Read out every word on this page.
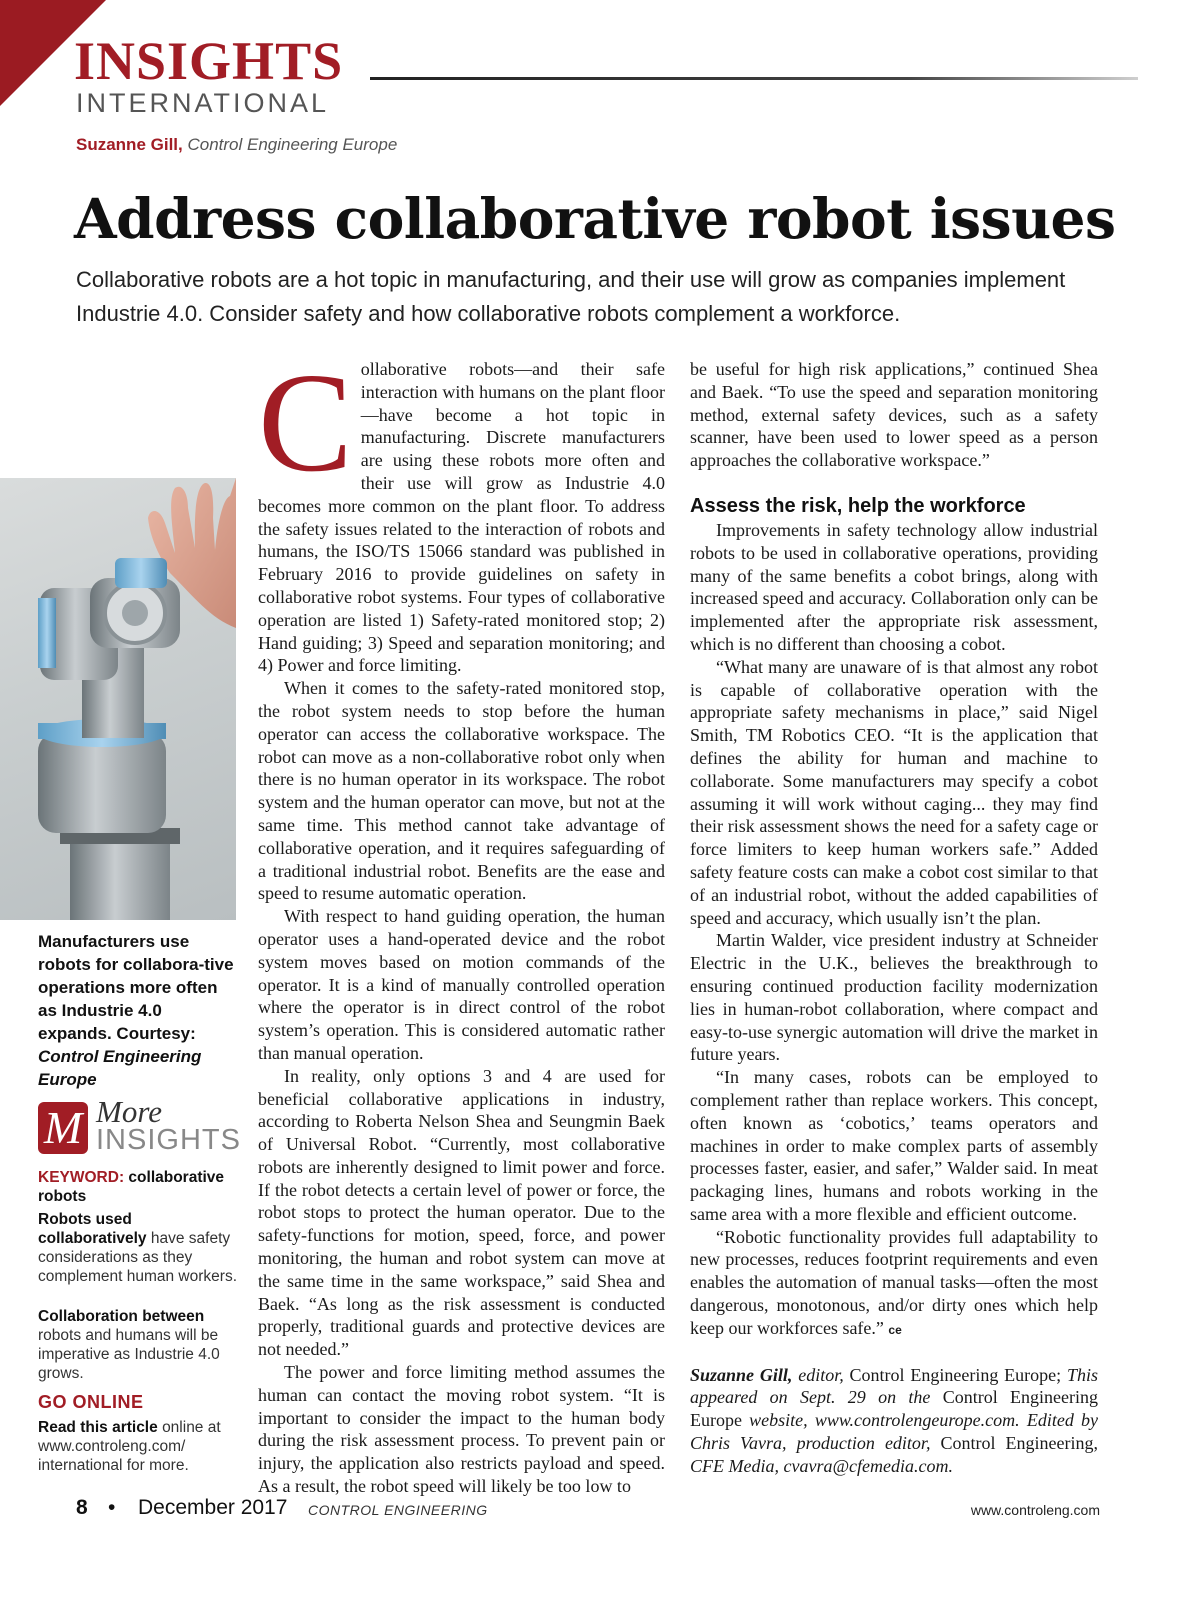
INSIGHTS
INTERNATIONAL
Suzanne Gill, Control Engineering Europe
Address collaborative robot issues
Collaborative robots are a hot topic in manufacturing, and their use will grow as companies implement Industrie 4.0. Consider safety and how collaborative robots complement a workforce.
Manufacturers use robots for collabora-tive operations more often as Industrie 4.0 expands. Courtesy: Control Engineering Europe
M More
INSIGHTS
KEYWORD: collaborative robots
Robots used collaboratively have safety considerations as they complement human workers.
Collaboration between robots and humans will be imperative as Industrie 4.0 grows.
GO ONLINE
Read this article online at www.controleng.com/ international for more.

Collaborative robots—and their safe interaction with humans on the plant floor—have become a hot topic in manufacturing. Discrete manufacturers are using these robots more often and their use will grow as Industrie 4.0 becomes more common on the plant floor. To address the safety issues related to the interaction of robots and humans, the ISO/TS 15066 standard was published in February 2016 to provide guidelines on safety in collaborative robot systems. Four types of collaborative operation are listed 1) Safety-rated monitored stop; 2) Hand guiding; 3) Speed and separation monitoring; and 4) Power and force limiting.

When it comes to the safety-rated monitored stop, the robot system needs to stop before the human operator can access the collaborative workspace. The robot can move as a non-collaborative robot only when there is no human operator in its workspace. The robot system and the human operator can move, but not at the same time. This method cannot take advantage of collaborative operation, and it requires safeguarding of a traditional industrial robot. Benefits are the ease and speed to resume automatic operation.

With respect to hand guiding operation, the human operator uses a hand-operated device and the robot system moves based on motion commands of the operator. It is a kind of manually controlled operation where the operator is in direct control of the robot system’s operation. This is considered automatic rather than manual operation.

In reality, only options 3 and 4 are used for beneficial collaborative applications in industry, according to Roberta Nelson Shea and Seungmin Baek of Universal Robot. “Currently, most collaborative robots are inherently designed to limit power and force. If the robot detects a certain level of power or force, the robot stops to protect the human operator. Due to the safety-functions for motion, speed, force, and power monitoring, the human and robot system can move at the same time in the same workspace,” said Shea and Baek. “As long as the risk assessment is conducted properly, traditional guards and protective devices are not needed.”

The power and force limiting method assumes the human can contact the moving robot system. “It is important to consider the impact to the human body during the risk assessment process. To prevent pain or injury, the application also restricts payload and speed. As a result, the robot speed will likely be too low to

be useful for high risk applications,” continued Shea and Baek. “To use the speed and separation monitoring method, external safety devices, such as a safety scanner, have been used to lower speed as a person approaches the collaborative workspace.”

Assess the risk, help the workforce

Improvements in safety technology allow industrial robots to be used in collaborative operations, providing many of the same benefits a cobot brings, along with increased speed and accuracy. Collaboration only can be implemented after the appropriate risk assessment, which is no different than choosing a cobot.

“What many are unaware of is that almost any robot is capable of collaborative operation with the appropriate safety mechanisms in place,” said Nigel Smith, TM Robotics CEO. “It is the application that defines the ability for human and machine to collaborate. Some manufacturers may specify a cobot assuming it will work without caging... they may find their risk assessment shows the need for a safety cage or force limiters to keep human workers safe.” Added safety feature costs can make a cobot cost similar to that of an industrial robot, without the added capabilities of speed and accuracy, which usually isn’t the plan.

Martin Walder, vice president industry at Schneider Electric in the U.K., believes the breakthrough to ensuring continued production facility modernization lies in human-robot collaboration, where compact and easy-to-use synergic automation will drive the market in future years.

“In many cases, robots can be employed to complement rather than replace workers. This concept, often known as ‘cobotics,’ teams operators and machines in order to make complex parts of assembly processes faster, easier, and safer,” Walder said. In meat packaging lines, humans and robots working in the same area with a more flexible and efficient outcome.

“Robotic functionality provides full adaptability to new processes, reduces footprint requirements and even enables the automation of manual tasks—often the most dangerous, monotonous, and/or dirty ones which help keep our workforces safe.” ce

Suzanne Gill, editor, Control Engineering Europe; This appeared on Sept. 29 on the Control Engineering Europe website, www.controlengeurope.com. Edited by Chris Vavra, production editor, Control Engineering, CFE Media, cvavra@cfemedia.com.

8 • December 2017 CONTROL ENGINEERING	www.controleng.com
